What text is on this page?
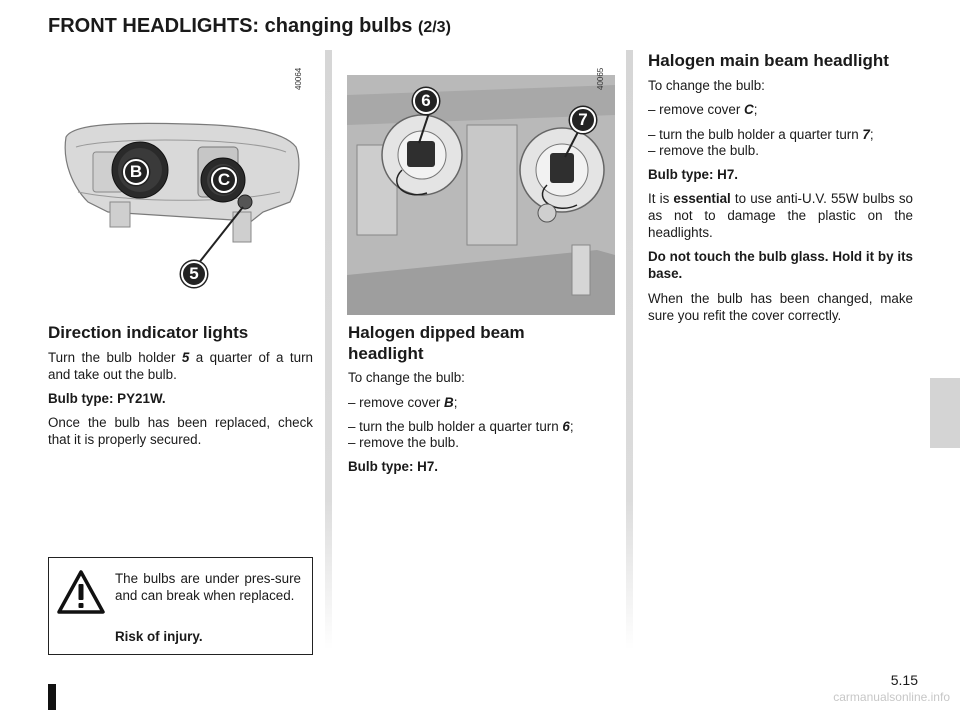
FRONT HEADLIGHTS: changing bulbs (2/3)
B	C
5
40064
6
7
40065
Direction indicator lights
Turn the bulb holder 5 a quarter of a turn and take out the bulb.
Bulb type: PY21W.
Once the bulb has been replaced, check that it is properly secured.
Halogen dipped beam
headlight
To change the bulb:
– remove cover B;
– turn the bulb holder a quarter turn 6;
– remove the bulb.
Bulb type: H7.
Halogen main beam headlight
To change the bulb:
– remove cover C;
– turn the bulb holder a quarter turn 7;
– remove the bulb.
Bulb type: H7.
It is essential to use anti-U.V. 55W bulbs so as not to damage the plastic on the headlights.
Do not touch the bulb glass. Hold it by its base.
When the bulb has been changed, make sure you refit the cover correctly.
The bulbs are under pres-sure and can break when replaced.
Risk of injury.
5.15
carmanualsonline.info
